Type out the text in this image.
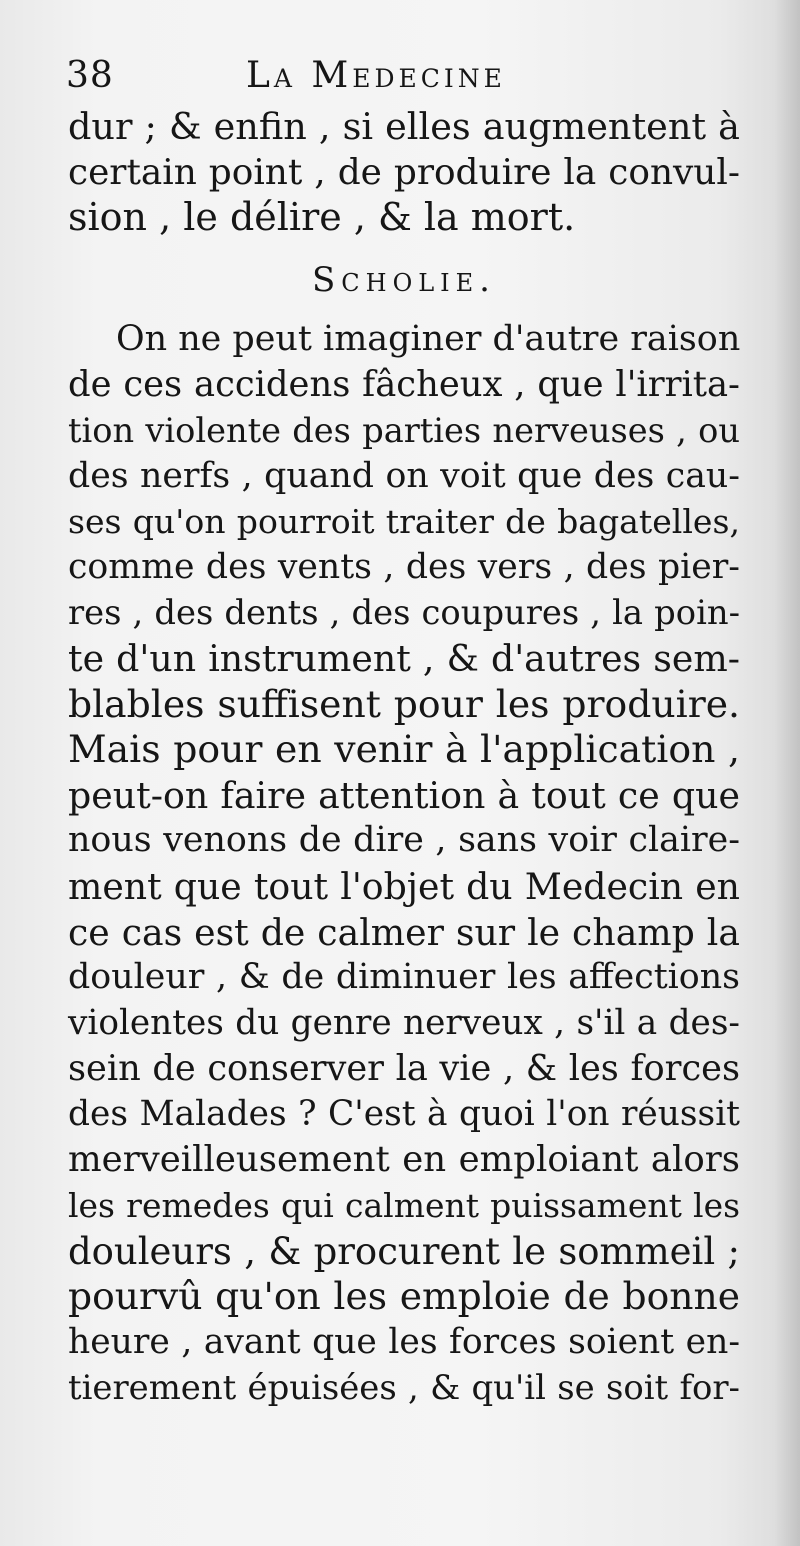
38	La Medecine
dur ; & enfin , si elles augmentent à
certain point , de produire la convul-
sion , le délire , & la mort.
Scholie.
On ne peut imaginer d'autre raison
de ces accidens fâcheux , que l'irrita-
tion violente des parties nerveuses , ou
des nerfs , quand on voit que des cau-
ses qu'on pourroit traiter de bagatelles,
comme des vents , des vers , des pier-
res , des dents , des coupures , la poin-
te d'un instrument , & d'autres sem-
blables suffisent pour les produire.
Mais pour en venir à l'application ,
peut-on faire attention à tout ce que
nous venons de dire , sans voir claire-
ment que tout l'objet du Medecin en
ce cas est de calmer sur le champ la
douleur , & de diminuer les affections
violentes du genre nerveux , s'il a des-
sein de conserver la vie , & les forces
des Malades ? C'est à quoi l'on réussit
merveilleusement en emploiant alors
les remedes qui calment puissament les
douleurs , & procurent le sommeil ;
pourvû qu'on les emploie de bonne
heure , avant que les forces soient en-
tierement épuisées , & qu'il se soit for-
